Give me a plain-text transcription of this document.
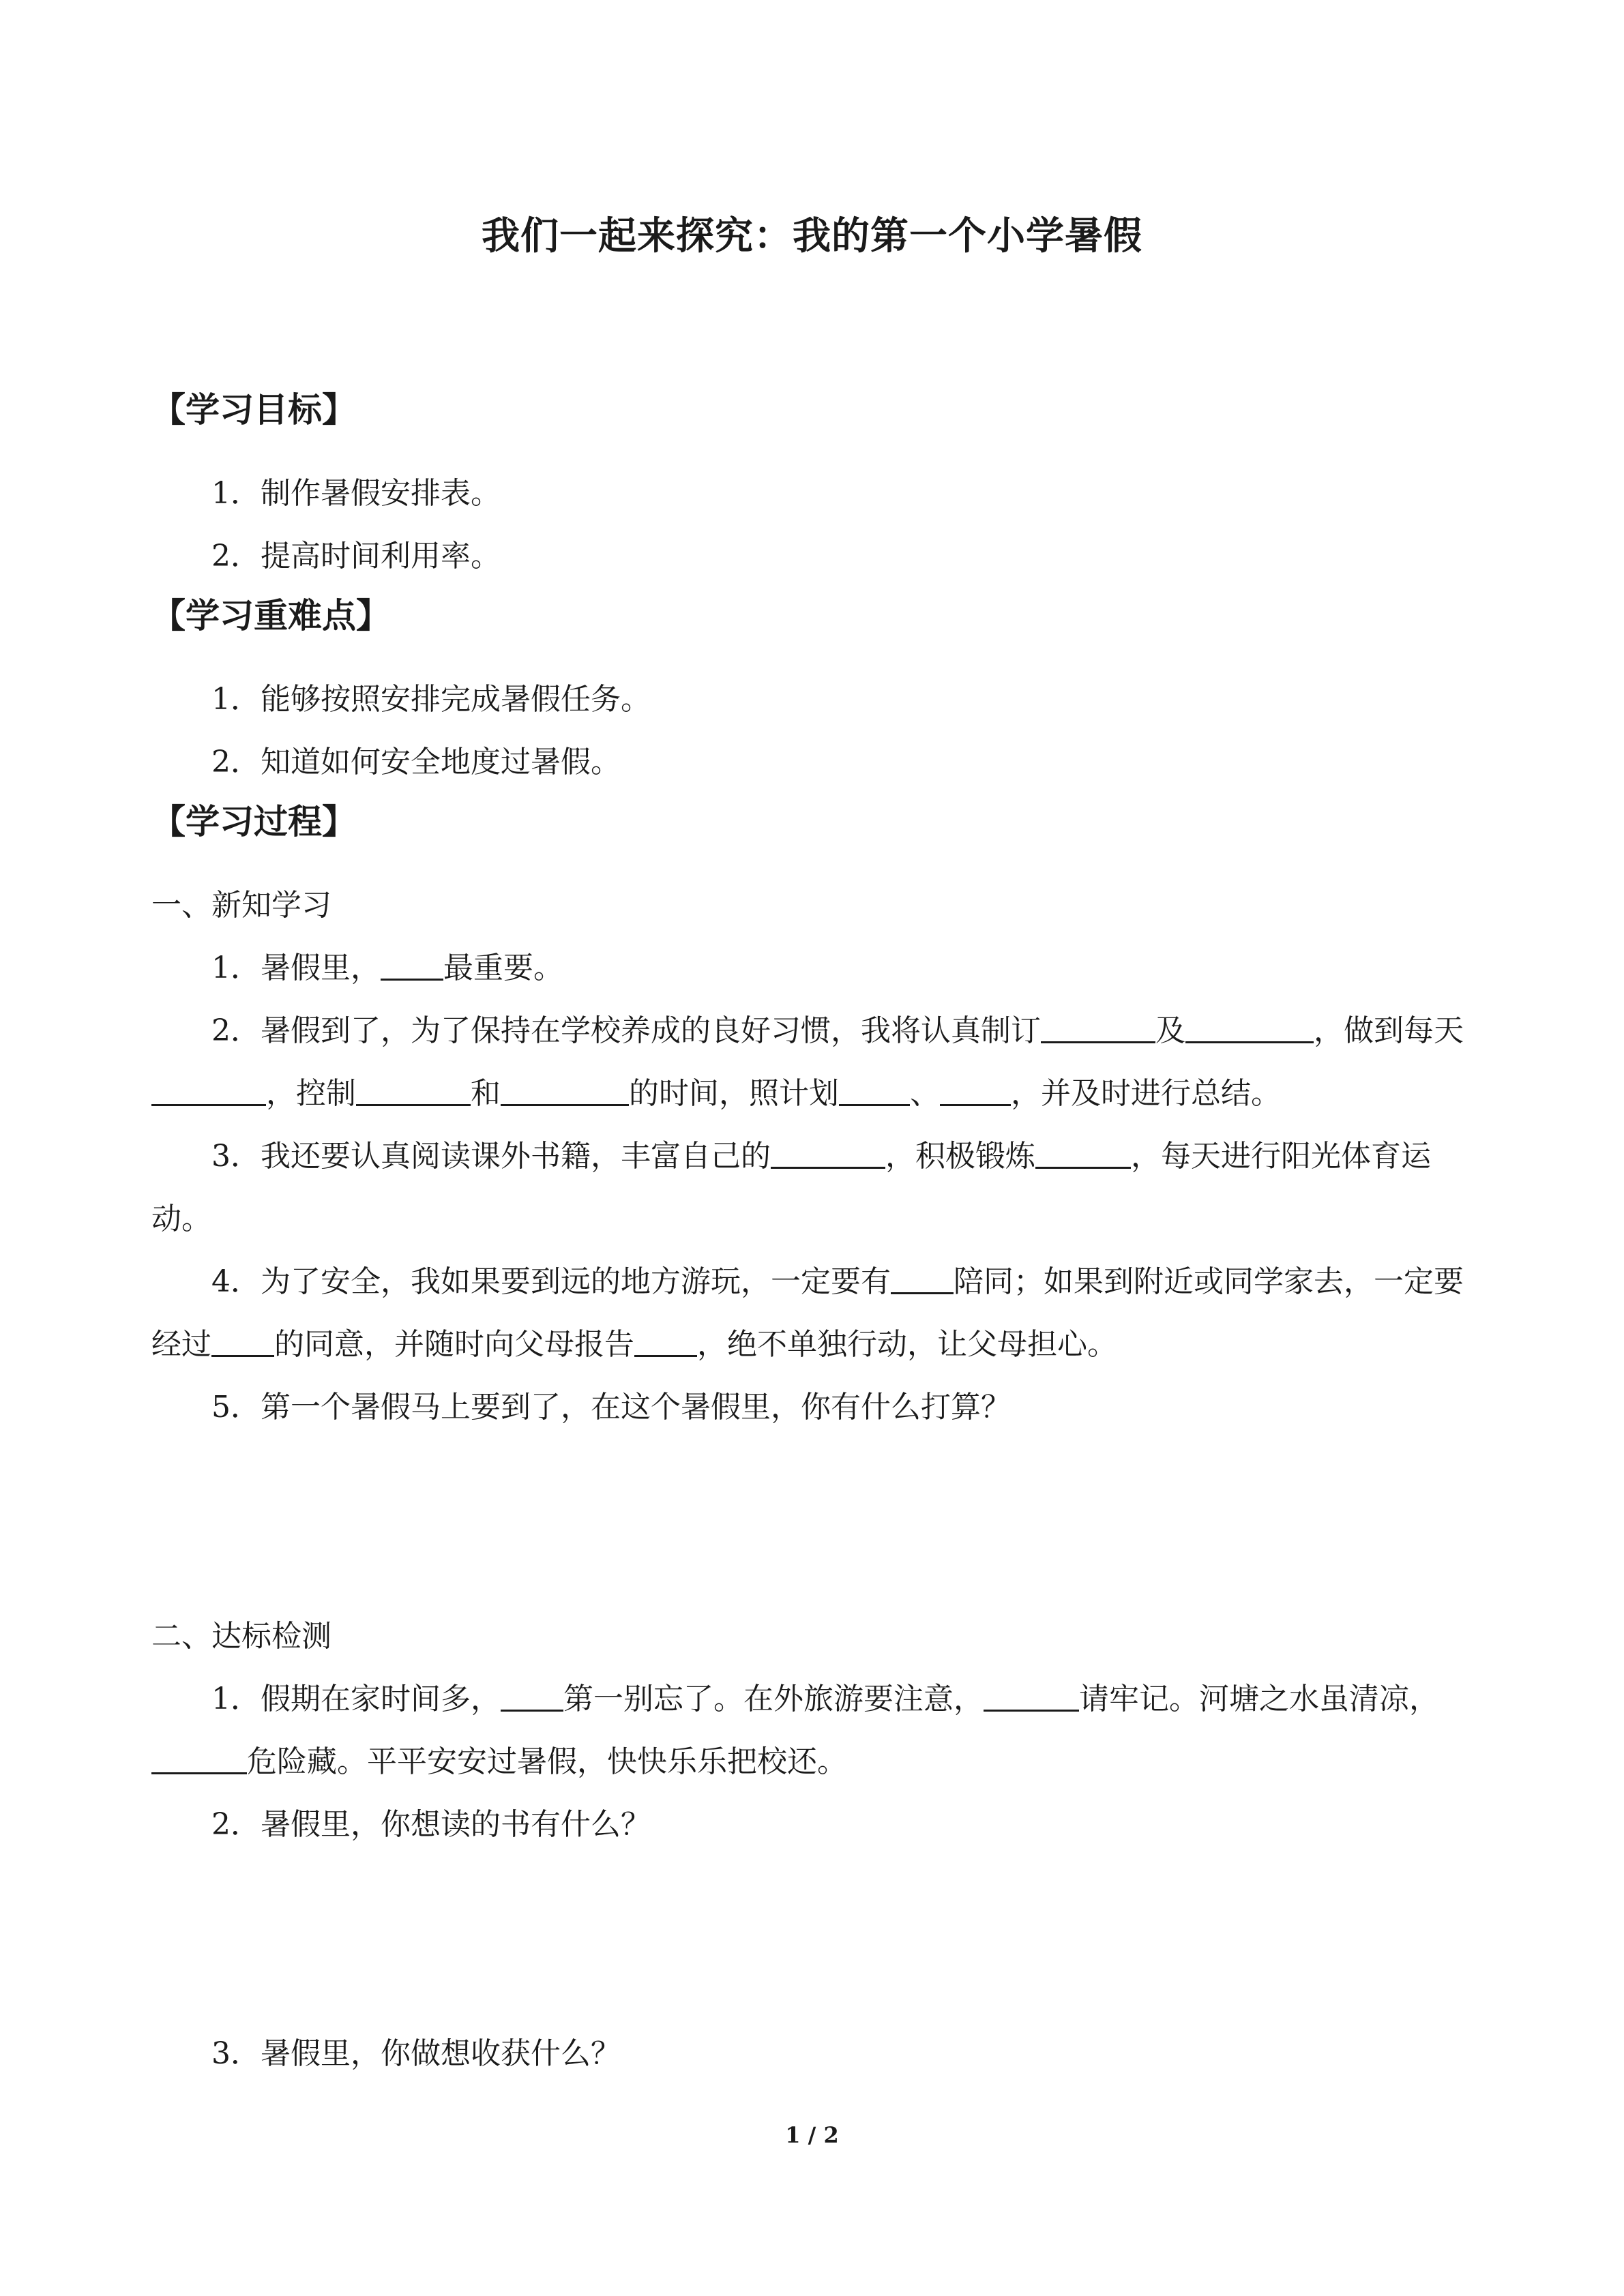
我们一起来探究：我的第一个小学暑假
【学习目标】
1．制作暑假安排表。
2．提高时间利用率。
【学习重难点】
1．能够按照安排完成暑假任务。
2．知道如何安全地度过暑假。
【学习过程】
一、新知学习
1．暑假里， 最重要。
2．暑假到了，为了保持在学校养成的良好习惯，我将认真制订	及	，做到每天，控制	和	的时间，照计划 、 ，并及时进行总结。
3．我还要认真阅读课外书籍，丰富自己的	，积极锻炼	，每天进行阳光体育运动。
4．为了安全，我如果要到远的地方游玩，一定要有 陪同；如果到附近或同学家去，一定要经过 的同意，并随时向父母报告 ，绝不单独行动，让父母担心。
5．第一个暑假马上要到了，在这个暑假里，你有什么打算？
二、达标检测
1．假期在家时间多， 第一别忘了。在外旅游要注意，	请牢记。河塘之水虽清凉，危险藏。平平安安过暑假，快快乐乐把校还。
2．暑假里，你想读的书有什么？
3．暑假里，你做想收获什么？
1 / 2
